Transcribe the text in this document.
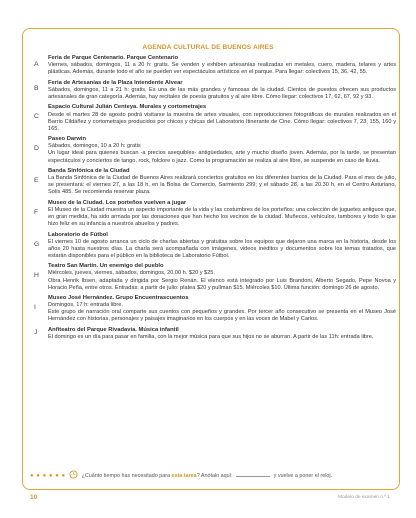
AGENDA CULTURAL DE BUENOS AIRES
A
Feria de Parque Centenario. Parque Centenario
Viernes, sábados, domingos, 11 a 20 h: gratis. Se venden y exhiben artesanías realizadas en metales, cuero, madera, telares y artes plásticas. Además, durante todo el año se pueden ver espectáculos artísticos en el parque. Para llegar: colectivos 15, 36, 42, 55.
B
Feria de Artesanías de la Plaza Intendente Alvear
Sábados, domingos, 11 a 21 h: gratis. Es una de las más grandes y famosas de la ciudad. Cientos de puestos ofrecen sus productos artesanales de gran categoría. Además, hay recitales de poesía gratuitos y al aire libre. Cómo llegar: colectivos 17, 62, 67, 92 y 93.
C
Espacio Cultural Julián Centeya. Murales y cortometrajes
Desde el martes 28 de agosto podrá visitarse la muestra de artes visuales, con reproducciones fotográficas de murales realizados en el Barrio Cildáñez y cortometrajes producidos por chicos y chicas del Laboratorio Itinerante de Cine. Cómo llegar: colectivos 7, 23, 155, 160 y 165.
D
Paseo Darwin
Sábados, domingos, 10 a 20 h: gratis
Un lugar ideal para quienes buscan -a precios asequibles- antigüedades, arte y mucho diseño joven. Además, por la tarde, se presentan espectáculos y conciertos de tango, rock, folclore o jazz. Como la programación se realiza al aire libre, se suspende en caso de lluvia.
E
Banda Sinfónica de la Ciudad
La Banda Sinfónica de la Ciudad de Buenos Aires realizará conciertos gratuitos en los diferentes barrios de la Ciudad. Para el mes de julio, se presentará: el viernes 27, a las 18 h, en la Bolsa de Comercio, Sarmiento 299; y el sábado 28, a las 20.30 h, en el Centro Asturiano, Solís 485. Se recomienda reservar plaza.
F
Museo de la Ciudad. Los porteños vuelven a jugar
El Museo de la Ciudad muestra un aspecto importante de la vida y las costumbres de los porteños: una colección de juguetes antiguos que, en gran medida, ha sido armada por las donaciones que han hecho los vecinos de la ciudad. Muñecos, vehículos, tambores y todo lo que hizo feliz en su infancia a nuestros abuelos y padres.
G
Laboratorio de Fútbol
El viernes 10 de agosto arranca un ciclo de charlas abiertas y gratuitas sobre los equipos que dejaron una marca en la historia, desde los años 20 hasta nuestros días. La charla será acompañada con imágenes, videos inéditos y documentos sobre los temas tratados, que estarán disponibles para el público en la biblioteca de Laboratorio Fútbol.
H
Teatro San Martín. Un enemigo del pueblo
Miércoles, jueves, viernes, sábados, domingos, 20.00 h. $20 y $25.
Obra Henrik Ibsen, adaptada y dirigida por Sergio Renán. El elenco está integrado por Luis Brandoni, Alberto Segado, Pepe Novoa y Horacio Peña, entre otros. Entradas: a partir de julio: platea $20 y pullman $15. Miércoles $10. Última función: domingo 26 de agosto.
I
Museo José Hernández. Grupo Encuentrascuentos
Domingos, 17 h: entrada libre.
Este grupo de narración oral comparte sus cuentos con pequeños y grandes. Por tercer año consecutivo se presenta en el Museo José Hernández con historias, personajes y paisajes imaginarios en los cuerpos y en las voces de Mabel y Carlos.
J	Anfiteatro del Parque Rivadavia. Música infantil
El domingo es un día para pasar en familia, con la mejor música para que sus hijos no se aburran. A partir de las 11h: entrada libre.
● ● ● ● ● ●	¿Cuánto tiempo has necesitado para esta tarea? Anótalo aquí:	y vuelve a poner el reloj.
10	Modelo de examen n.º 1
